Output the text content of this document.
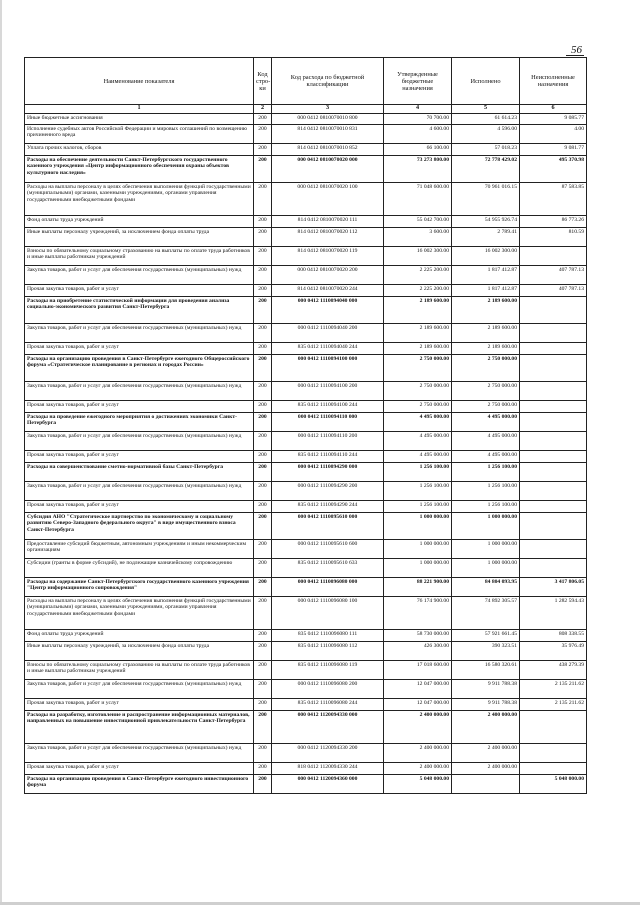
56
Наименование показателя	Код стро-ки	Код расхода по бюджетной классификации	Утвержденные бюджетные назначения	Исполнено	Неисполненные назначения
1	2	3	4	5	6
Иные бюджетные ассигнования	200	000 0412 0810070010 800	70 700.00	61 614.23	9 085.77
Исполнение судебных актов Российской Федерации и мировых соглашений по возмещению причиненного вреда	200	814 0412 0810070010 831	4 600.00	4 596.00	4.00
Уплата прочих налогов, сборов	200	814 0412 0810070010 852	66 100.00	57 018.23	9 081.77
Расходы на обеспечение деятельности Санкт-Петербургского государственного казенного учреждения «Центр информационного обеспечения охраны объектов культурного наследия»	200	000 0412 0810070020 000	73 273 800.00	72 778 429.02	495 370.98
Расходы на выплаты персоналу в целях обеспечения выполнения функций государственными (муниципальными) органами, казенными учреждениями, органами управления государственными внебюджетными фондами	200	000 0412 0810070020 100	71 048 600.00	70 961 016.15	87 583.85
Фонд оплаты труда учреждений	200	814 0412 0810070020 111	55 042 700.00	54 955 926.74	86 773.26
Иные выплаты персоналу учреждений, за исключением фонда оплаты труда	200	814 0412 0810070020 112	3 600.00	2 789.41	810.59
Взносы по обязательному социальному страхованию на выплаты по оплате труда работников и иные выплаты работникам учреждений	200	814 0412 0810070020 119	16 002 300.00	16 002 300.00	
Закупка товаров, работ и услуг для обеспечения государственных (муниципальных) нужд	200	000 0412 0810070020 200	2 225 200.00	1 817 412.87	407 787.13
Прочая закупка товаров, работ и услуг	200	814 0412 0810070020 244	2 225 200.00	1 817 412.87	407 787.13
Расходы на приобретение статистической информации для проведения анализа социально-экономического развития Санкт-Петербурга	200	000 0412 1110094040 000	2 189 600.00	2 189 600.00	
Закупка товаров, работ и услуг для обеспечения государственных (муниципальных) нужд	200	000 0412 1110094040 200	2 189 600.00	2 189 600.00	
Прочая закупка товаров, работ и услуг	200	835 0412 1110094040 244	2 189 600.00	2 189 600.00	
Расходы на организацию проведения в Санкт-Петербурге ежегодного Общероссийского форума «Стратегическое планирование в регионах и городах России»	200	000 0412 1110094100 000	2 750 000.00	2 750 000.00	
Закупка товаров, работ и услуг для обеспечения государственных (муниципальных) нужд	200	000 0412 1110094100 200	2 750 000.00	2 750 000.00	
Прочая закупка товаров, работ и услуг	200	835 0412 1110094100 244	2 750 000.00	2 750 000.00	
Расходы на проведение ежегодного мероприятия о достижениях экономики Санкт-Петербурга	200	000 0412 1110094110 000	4 495 000.00	4 495 000.00	
Закупка товаров, работ и услуг для обеспечения государственных (муниципальных) нужд	200	000 0412 1110094110 200	4 495 000.00	4 495 000.00	
Прочая закупка товаров, работ и услуг	200	835 0412 1110094110 244	4 495 000.00	4 495 000.00	
Расходы на совершенствование сметно-нормативной базы Санкт-Петербурга	200	000 0412 1110094290 000	1 256 100.00	1 256 100.00	
Закупка товаров, работ и услуг для обеспечения государственных (муниципальных) нужд	200	000 0412 1110094290 200	1 256 100.00	1 256 100.00	
Прочая закупка товаров, работ и услуг	200	835 0412 1110094290 244	1 256 100.00	1 256 100.00	
Субсидия АНО "Стратегическое партнерство по экономическому и социальному развитию Северо-Западного федерального округа" в виде имущественного взноса Санкт-Петербурга	200	000 0412 1110095610 000	1 000 000.00	1 000 000.00	
Предоставление субсидий бюджетным, автономным учреждениям и иным некоммерческим организациям	200	000 0412 1110095610 600	1 000 000.00	1 000 000.00	
Субсидии (гранты в форме субсидий), не подлежащие казначейскому сопровождению	200	835 0412 1110095610 633	1 000 000.00	1 000 000.00	
Расходы на содержание Санкт-Петербургского государственного казенного учреждения "Центр информационного сопровождения"	200	000 0412 1110096080 000	88 221 900.00	84 804 093.95	3 417 806.05
Расходы на выплаты персоналу в целях обеспечения выполнения функций государственными (муниципальными) органами, казенными учреждениями, органами управления государственными внебюджетными фондами	200	000 0412 1110096080 100	76 174 900.00	74 892 305.57	1 282 594.43
Фонд оплаты труда учреждений	200	835 0412 1110096080 111	58 730 000.00	57 921 661.45	808 338.55
Иные выплаты персоналу учреждений, за исключением фонда оплаты труда	200	835 0412 1110096080 112	426 300.00	390 323.51	35 976.49
Взносы по обязательному социальному страхованию на выплаты по оплате труда работников и иные выплаты работникам учреждений	200	835 0412 1110096080 119	17 018 600.00	16 580 320.61	438 279.39
Закупка товаров, работ и услуг для обеспечения государственных (муниципальных) нужд	200	000 0412 1110096080 200	12 047 000.00	9 911 788.38	2 135 211.62
Прочая закупка товаров, работ и услуг	200	835 0412 1110096080 244	12 047 000.00	9 911 788.38	2 135 211.62
Расходы на разработку, изготовление и распространение информационных материалов, направленных на повышение инвестиционной привлекательности Санкт-Петербурга	200	000 0412 1120094330 000	2 400 000.00	2 400 000.00	
Закупка товаров, работ и услуг для обеспечения государственных (муниципальных) нужд	200	000 0412 1120094330 200	2 400 000.00	2 400 000.00	
Прочая закупка товаров, работ и услуг	200	818 0412 1120094330 244	2 400 000.00	2 400 000.00	
Расходы на организацию проведения в Санкт-Петербурге ежегодного инвестиционного форума	200	000 0412 1120094360 000	5 048 000.00		5 048 000.00
